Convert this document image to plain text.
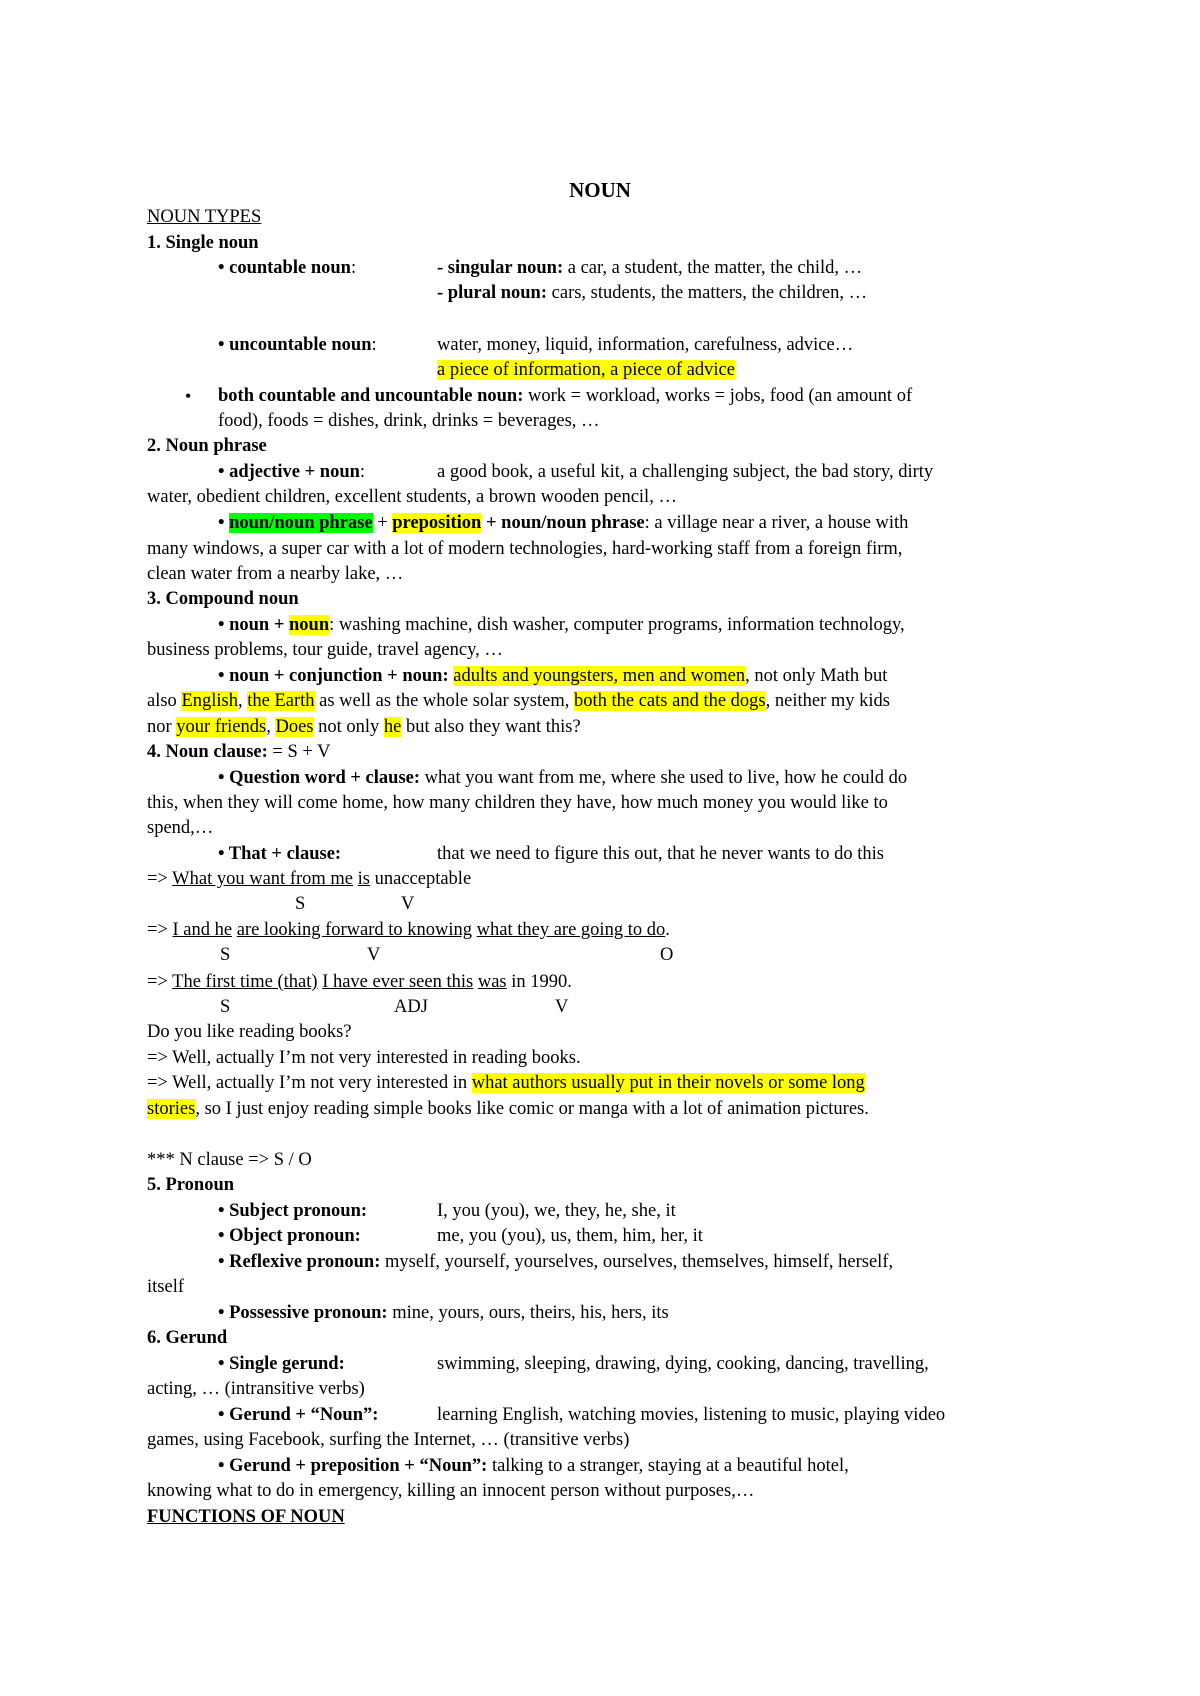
NOUN
NOUN TYPES
1. Single noun
• countable noun:	- singular noun: a car, a student, the matter, the child, …
- plural noun: cars, students, the matters, the children, …
• uncountable noun:	water, money, liquid, information, carefulness, advice…
a piece of information, a piece of advice
• both countable and uncountable noun: work = workload, works = jobs, food (an amount of
food), foods = dishes, drink, drinks = beverages, …
2. Noun phrase
• adjective + noun:	a good book, a useful kit, a challenging subject, the bad story, dirty
water, obedient children, excellent students, a brown wooden pencil, …
• noun/noun phrase + preposition + noun/noun phrase: a village near a river, a house with
many windows, a super car with a lot of modern technologies, hard-working staff from a foreign firm,
clean water from a nearby lake, …
3. Compound noun
• noun + noun: washing machine, dish washer, computer programs, information technology,
business problems, tour guide, travel agency, …
• noun + conjunction + noun: adults and youngsters, men and women, not only Math but
also English, the Earth as well as the whole solar system, both the cats and the dogs, neither my kids
nor your friends, Does not only he but also they want this?
4. Noun clause: = S + V
• Question word + clause: what you want from me, where she used to live, how he could do
this, when they will come home, how many children they have, how much money you would like to
spend,…
• That + clause:	that we need to figure this out, that he never wants to do this
=> What you want from me is unacceptable
S	V
=> I and he are looking forward to knowing what they are going to do.
S	V	O
=> The first time (that) I have ever seen this was in 1990.
S	ADJ	V
Do you like reading books?
=> Well, actually I’m not very interested in reading books.
=> Well, actually I’m not very interested in what authors usually put in their novels or some long
stories, so I just enjoy reading simple books like comic or manga with a lot of animation pictures.
*** N clause => S / O
5. Pronoun
• Subject pronoun:	I, you (you), we, they, he, she, it
• Object pronoun:	me, you (you), us, them, him, her, it
• Reflexive pronoun: myself, yourself, yourselves, ourselves, themselves, himself, herself,
itself
• Possessive pronoun: mine, yours, ours, theirs, his, hers, its
6. Gerund
• Single gerund:	swimming, sleeping, drawing, dying, cooking, dancing, travelling,
acting, … (intransitive verbs)
• Gerund + “Noun”:	learning English, watching movies, listening to music, playing video
games, using Facebook, surfing the Internet, … (transitive verbs)
• Gerund + preposition + “Noun”: talking to a stranger, staying at a beautiful hotel,
knowing what to do in emergency, killing an innocent person without purposes,…
FUNCTIONS OF NOUN
